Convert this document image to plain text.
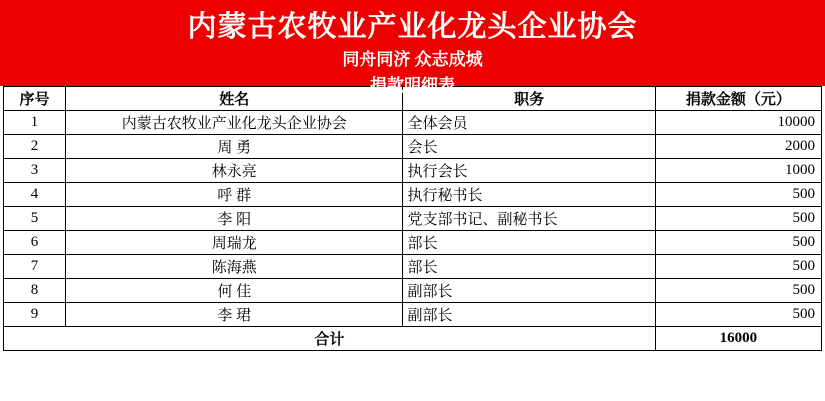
内蒙古农牧业产业化龙头企业协会
同舟同济 众志成城
捐款明细表
序号	姓名	职务	捐款金额（元）
1	内蒙古农牧业产业化龙头企业协会	全体会员	10000
2	周 勇	会长	2000
3	林永亮	执行会长	1000
4	呼 群	执行秘书长	500
5	李 阳	党支部书记、副秘书长	500
6	周瑞龙	部长	500
7	陈海燕	部长	500
8	何 佳	副部长	500
9	李 珺	副部长	500
合计			16000
